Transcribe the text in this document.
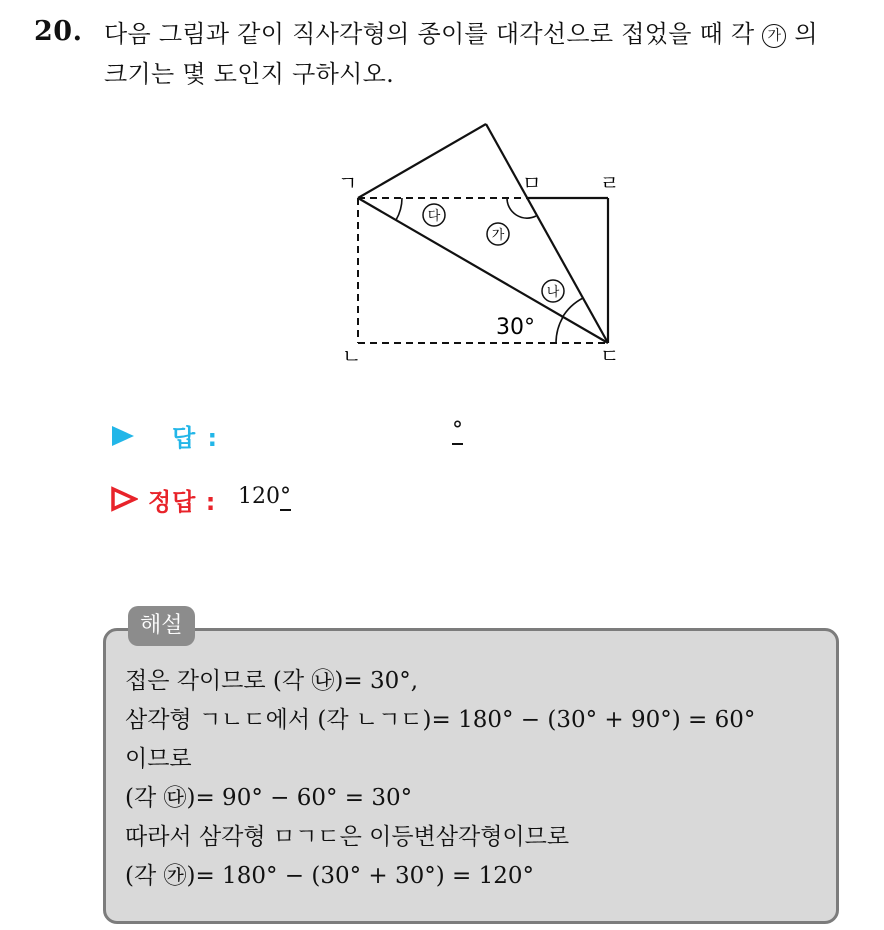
20. 다음 그림과 같이 직사각형의 종이를 대각선으로 접었을 때 각 가 의
크기는 몇 도인지 구하시오.
다
가
나
30°
ㄱ
ㄴ	ㄷ
ㄹ
ㅁ
답 :	°
정답 : 120°
해설
접은 각이므로 (각 ㉯)= 30°,
삼각형 ㄱㄴㄷ에서 (각 ㄴㄱㄷ)= 180° − (30° + 90°) = 60°
이므로
(각 ㉰)= 90° − 60° = 30°
따라서 삼각형 ㅁㄱㄷ은 이등변삼각형이므로
(각 ㉮)= 180° − (30° + 30°) = 120°
